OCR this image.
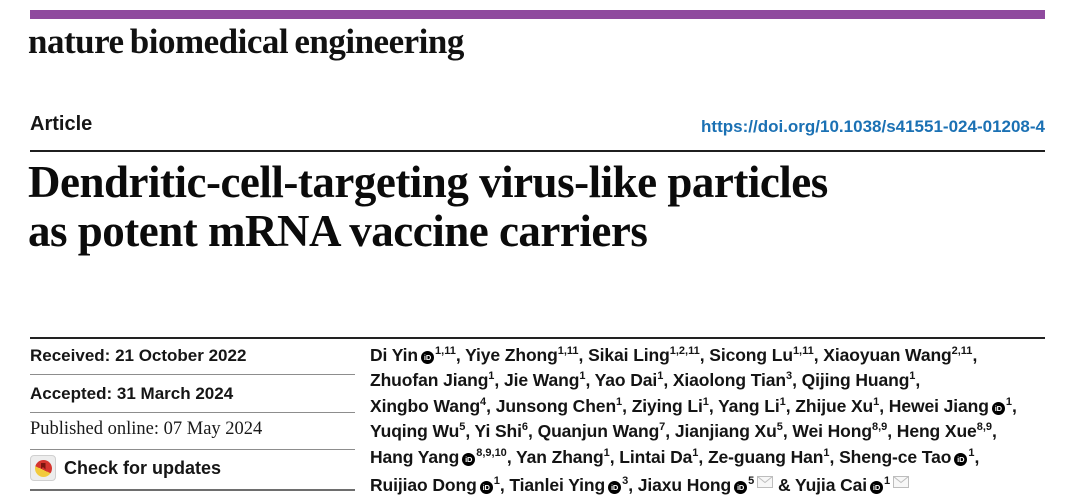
nature biomedical engineering
Article	https://doi.org/10.1038/s41551-024-01208-4
Dendritic-cell-targeting virus-like particles
as potent mRNA vaccine carriers
Received: 21 October 2022
Accepted: 31 March 2024
Published online: 07 May 2024
Check for updates
Di Yin iD$^{1,11}$, Yiye Zhong$^{1,11}$, Sikai Ling$^{1,2,11}$, Sicong Lu$^{1,11}$, Xiaoyuan Wang$^{2,11}$,
Zhuofan Jiang$^1$, Jie Wang$^1$, Yao Dai$^1$, Xiaolong Tian$^3$, Qijing Huang$^1$,
Xingbo Wang$^4$, Junsong Chen$^1$, Ziying Li$^1$, Yang Li$^1$, Zhijue Xu$^1$, Hewei Jiang $iD^1$,
Yuqing Wu$^5$, Yi Shi$^6$, Quanjun Wang$^7$, Jianjiang Xu$^5$, Wei Hong$^{8,9}$, Heng Xue$^{8,9}$,
Hang Yang iD$^{8,9,10}$, Yan Zhang$^1$, Lintai Da$^1$, Ze-guang Han$^1$, Sheng-ce Tao $iD^1$,
Ruijiao Dong $iD^1$, Tianlei Ying $iD^3$, Jiaxu Hong $iD^5$ & Yujia Cai $iD^1$
